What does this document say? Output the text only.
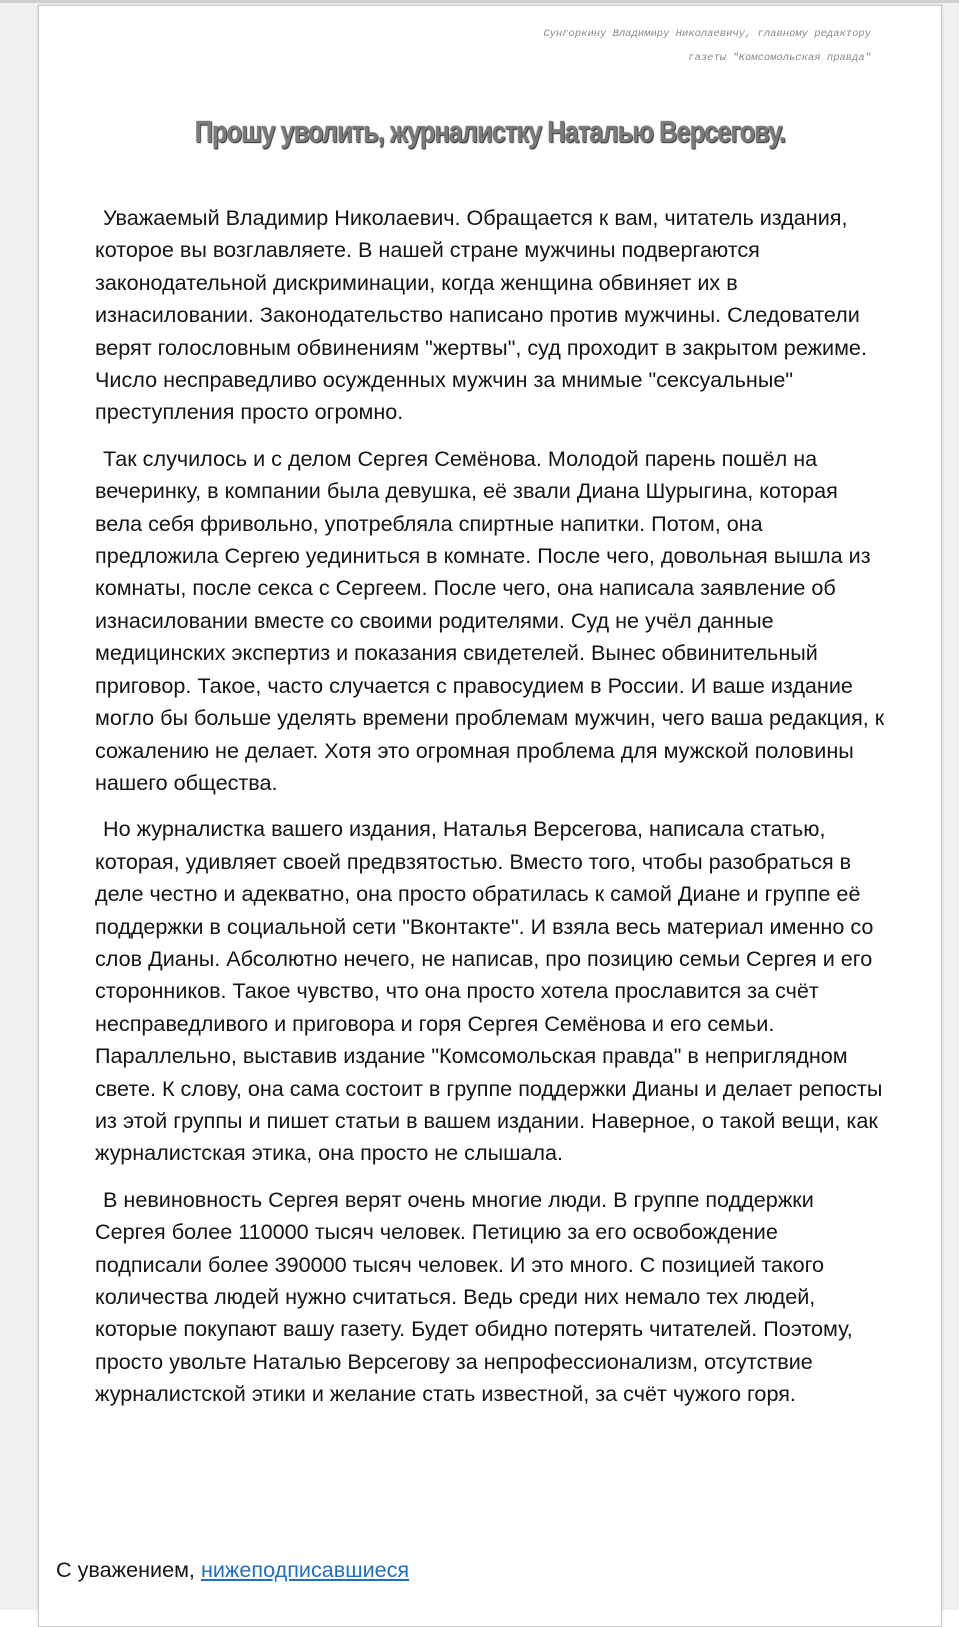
Сунгоркину Владимиру Николаевичу, главному редактору
газеты "Комсомольская правда"
Прошу уволить, журналистку Наталью Версегову.

Уважаемый Владимир Николаевич. Обращается к вам, читатель издания, которое вы возглавляете. В нашей стране мужчины подвергаются законодательной дискриминации, когда женщина обвиняет их в изнасиловании. Законодательство написано против мужчины. Следователи верят голословным обвинениям "жертвы", суд проходит в закрытом режиме. Число несправедливо осужденных мужчин за мнимые "сексуальные" преступления просто огромно.

Так случилось и с делом Сергея Семёнова. Молодой парень пошёл на вечеринку, в компании была девушка, её звали Диана Шурыгина, которая вела себя фривольно, употребляла спиртные напитки. Потом, она предложила Сергею уединиться в комнате. После чего, довольная вышла из комнаты, после секса с Сергеем. После чего, она написала заявление об изнасиловании вместе со своими родителями. Суд не учёл данные медицинских экспертиз и показания свидетелей. Вынес обвинительный приговор. Такое, часто случается с правосудием в России. И ваше издание могло бы больше уделять времени проблемам мужчин, чего ваша редакция, к сожалению не делает. Хотя это огромная проблема для мужской половины нашего общества.

Но журналистка вашего издания, Наталья Версегова, написала статью, которая, удивляет своей предвзятостью. Вместо того, чтобы разобраться в деле честно и адекватно, она просто обратилась к самой Диане и группе её поддержки в социальной сети "Вконтакте". И взяла весь материал именно со слов Дианы. Абсолютно нечего, не написав, про позицию семьи Сергея и его сторонников. Такое чувство, что она просто хотела прославится за счёт несправедливого и приговора и горя Сергея Семёнова и его семьи. Параллельно, выставив издание "Комсомольская правда" в неприглядном свете. К слову, она сама состоит в группе поддержки Дианы и делает репосты из этой группы и пишет статьи в вашем издании. Наверное, о такой вещи, как журналистская этика, она просто не слышала.

В невиновность Сергея верят очень многие люди. В группе поддержки Сергея более 110000 тысяч человек. Петицию за его освобождение подписали более 390000 тысяч человек. И это много. С позицией такого количества людей нужно считаться. Ведь среди них немало тех людей, которые покупают вашу газету. Будет обидно потерять читателей. Поэтому, просто увольте Наталью Версегову за непрофессионализм, отсутствие журналистской этики и желание стать известной, за счёт чужого горя.

С уважением, нижеподписавшиеся
